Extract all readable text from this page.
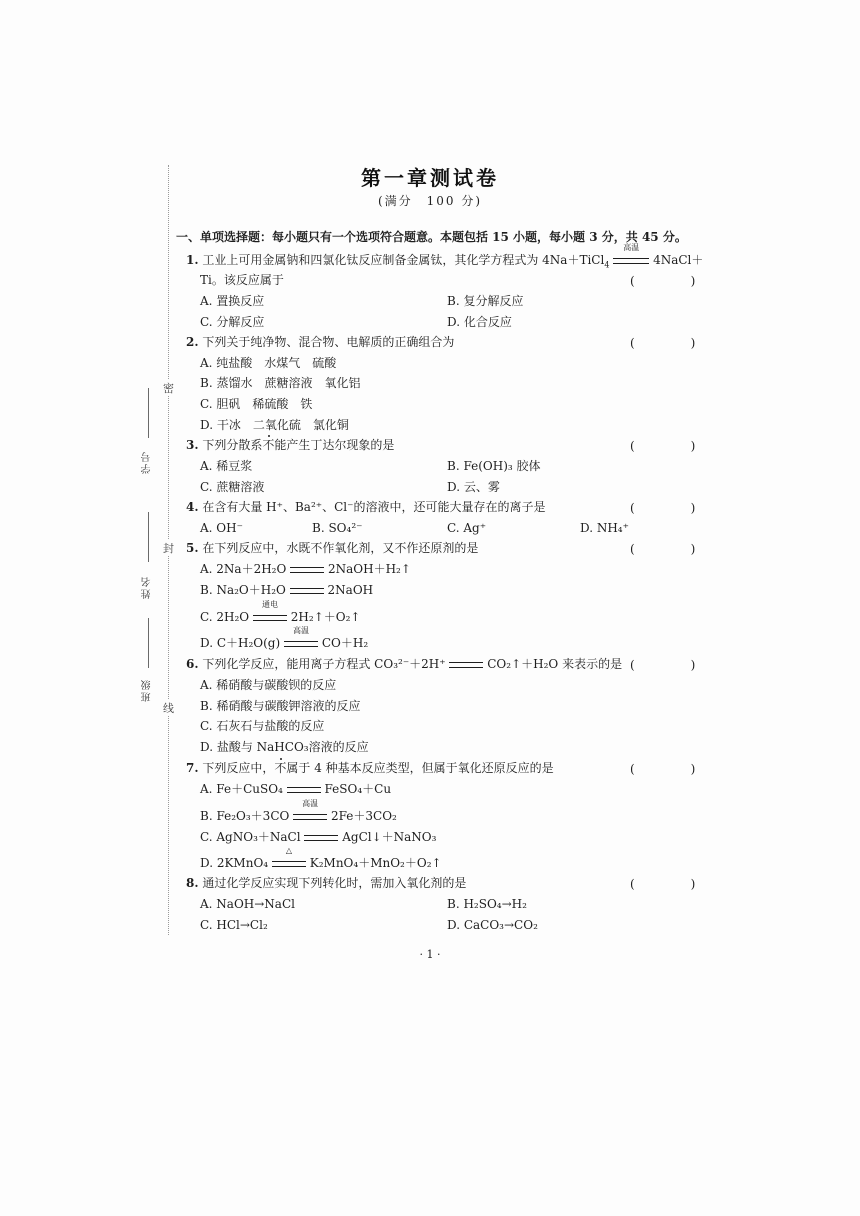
密
封
线
学号
姓名
班级
第一章测试卷
(满分　100 分)
一、单项选择题：每小题只有一个选项符合题意。本题包括 15 小题，每小题 3 分，共 45 分。
1. 工业上可用金属钠和四氯化钛反应制备金属钛，其化学方程式为 4Na＋TiCl$_4$
高温
4NaCl＋
Ti。该反应属于	(　)
A. 置换反应	B. 复分解反应
C. 分解反应	D. 化合反应
2. 下列关于纯净物、混合物、电解质的正确组合为	(　)
A. 纯盐酸　水煤气　硫酸
B. 蒸馏水　蔗糖溶液　氧化铝
C. 胆矾　稀硫酸　铁
D. 干冰　二氧化硫　氯化铜
3. 下列分散系不能产生丁达尔现象的是	(　)
A. 稀豆浆	B. Fe(OH)₃ 胶体
C. 蔗糖溶液	D. 云、雾
4. 在含有大量 H⁺、Ba²⁺、Cl⁻的溶液中，还可能大量存在的离子是	(　)
A. OH⁻	B. SO₄²⁻	C. Ag⁺	D. NH₄⁺
5. 在下列反应中，水既不作氧化剂，又不作还原剂的是	(　)
A. 2Na＋2H₂O	2NaOH＋H₂↑
B. Na₂O＋H₂O	2NaOH
C. 2H₂O
通电
2H₂↑＋O₂↑
D. C＋H₂O(g)
高温
CO＋H₂
6. 下列化学反应，能用离子方程式 CO₃²⁻＋2H⁺	CO₂↑＋H₂O 来表示的是 (　)
A. 稀硝酸与碳酸钡的反应
B. 稀硝酸与碳酸钾溶液的反应
C. 石灰石与盐酸的反应
D. 盐酸与 NaHCO₃溶液的反应
7. 下列反应中，不属于 4 种基本反应类型，但属于氧化还原反应的是	(　)
A. Fe＋CuSO₄	FeSO₄＋Cu
B. Fe₂O₃＋3CO
高温
2Fe＋3CO₂
C. AgNO₃＋NaCl	AgCl↓＋NaNO₃
D. 2KMnO₄
△
K₂MnO₄＋MnO₂＋O₂↑
8. 通过化学反应实现下列转化时，需加入氧化剂的是	(　)
A. NaOH→NaCl	B. H₂SO₄→H₂
C. HCl→Cl₂	D. CaCO₃→CO₂
· 1 ·
